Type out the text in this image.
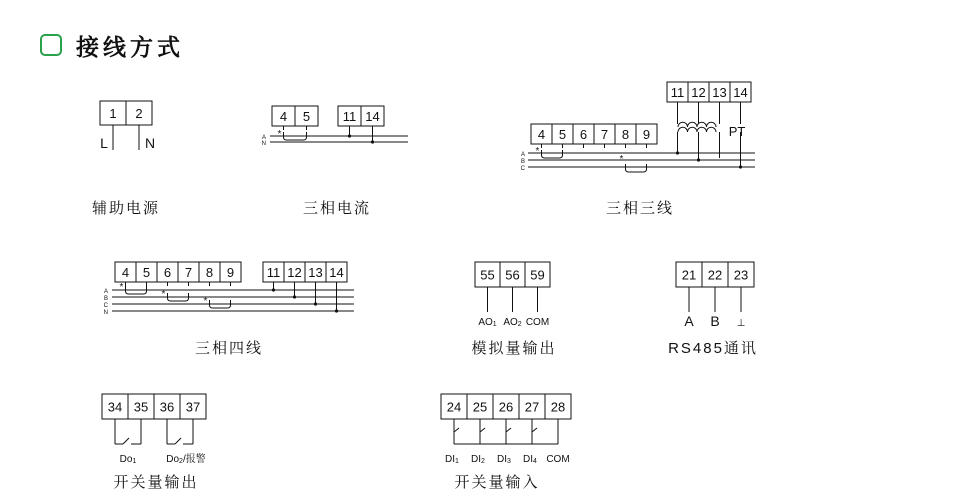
接线方式
1 2
L	N
辅助电源
4 5	11 14
A
N
*
三相电流
11 12 13 14
4 5 6 7 8 9
A
B
C
PT
*
*
三相三线
4 5 6 7 8 9	11 12 13 14
A
B
C
N
*
*
*
三相四线
55 56 59
AO1 AO2 COM
模拟量输出
21 22 23
A B ⊥
RS485通讯
34 35 36 37
Do1	Do2/报警
开关量输出
24 25 26 27 28
DI1 DI2 DI3 DI4 COM
开关量输入
